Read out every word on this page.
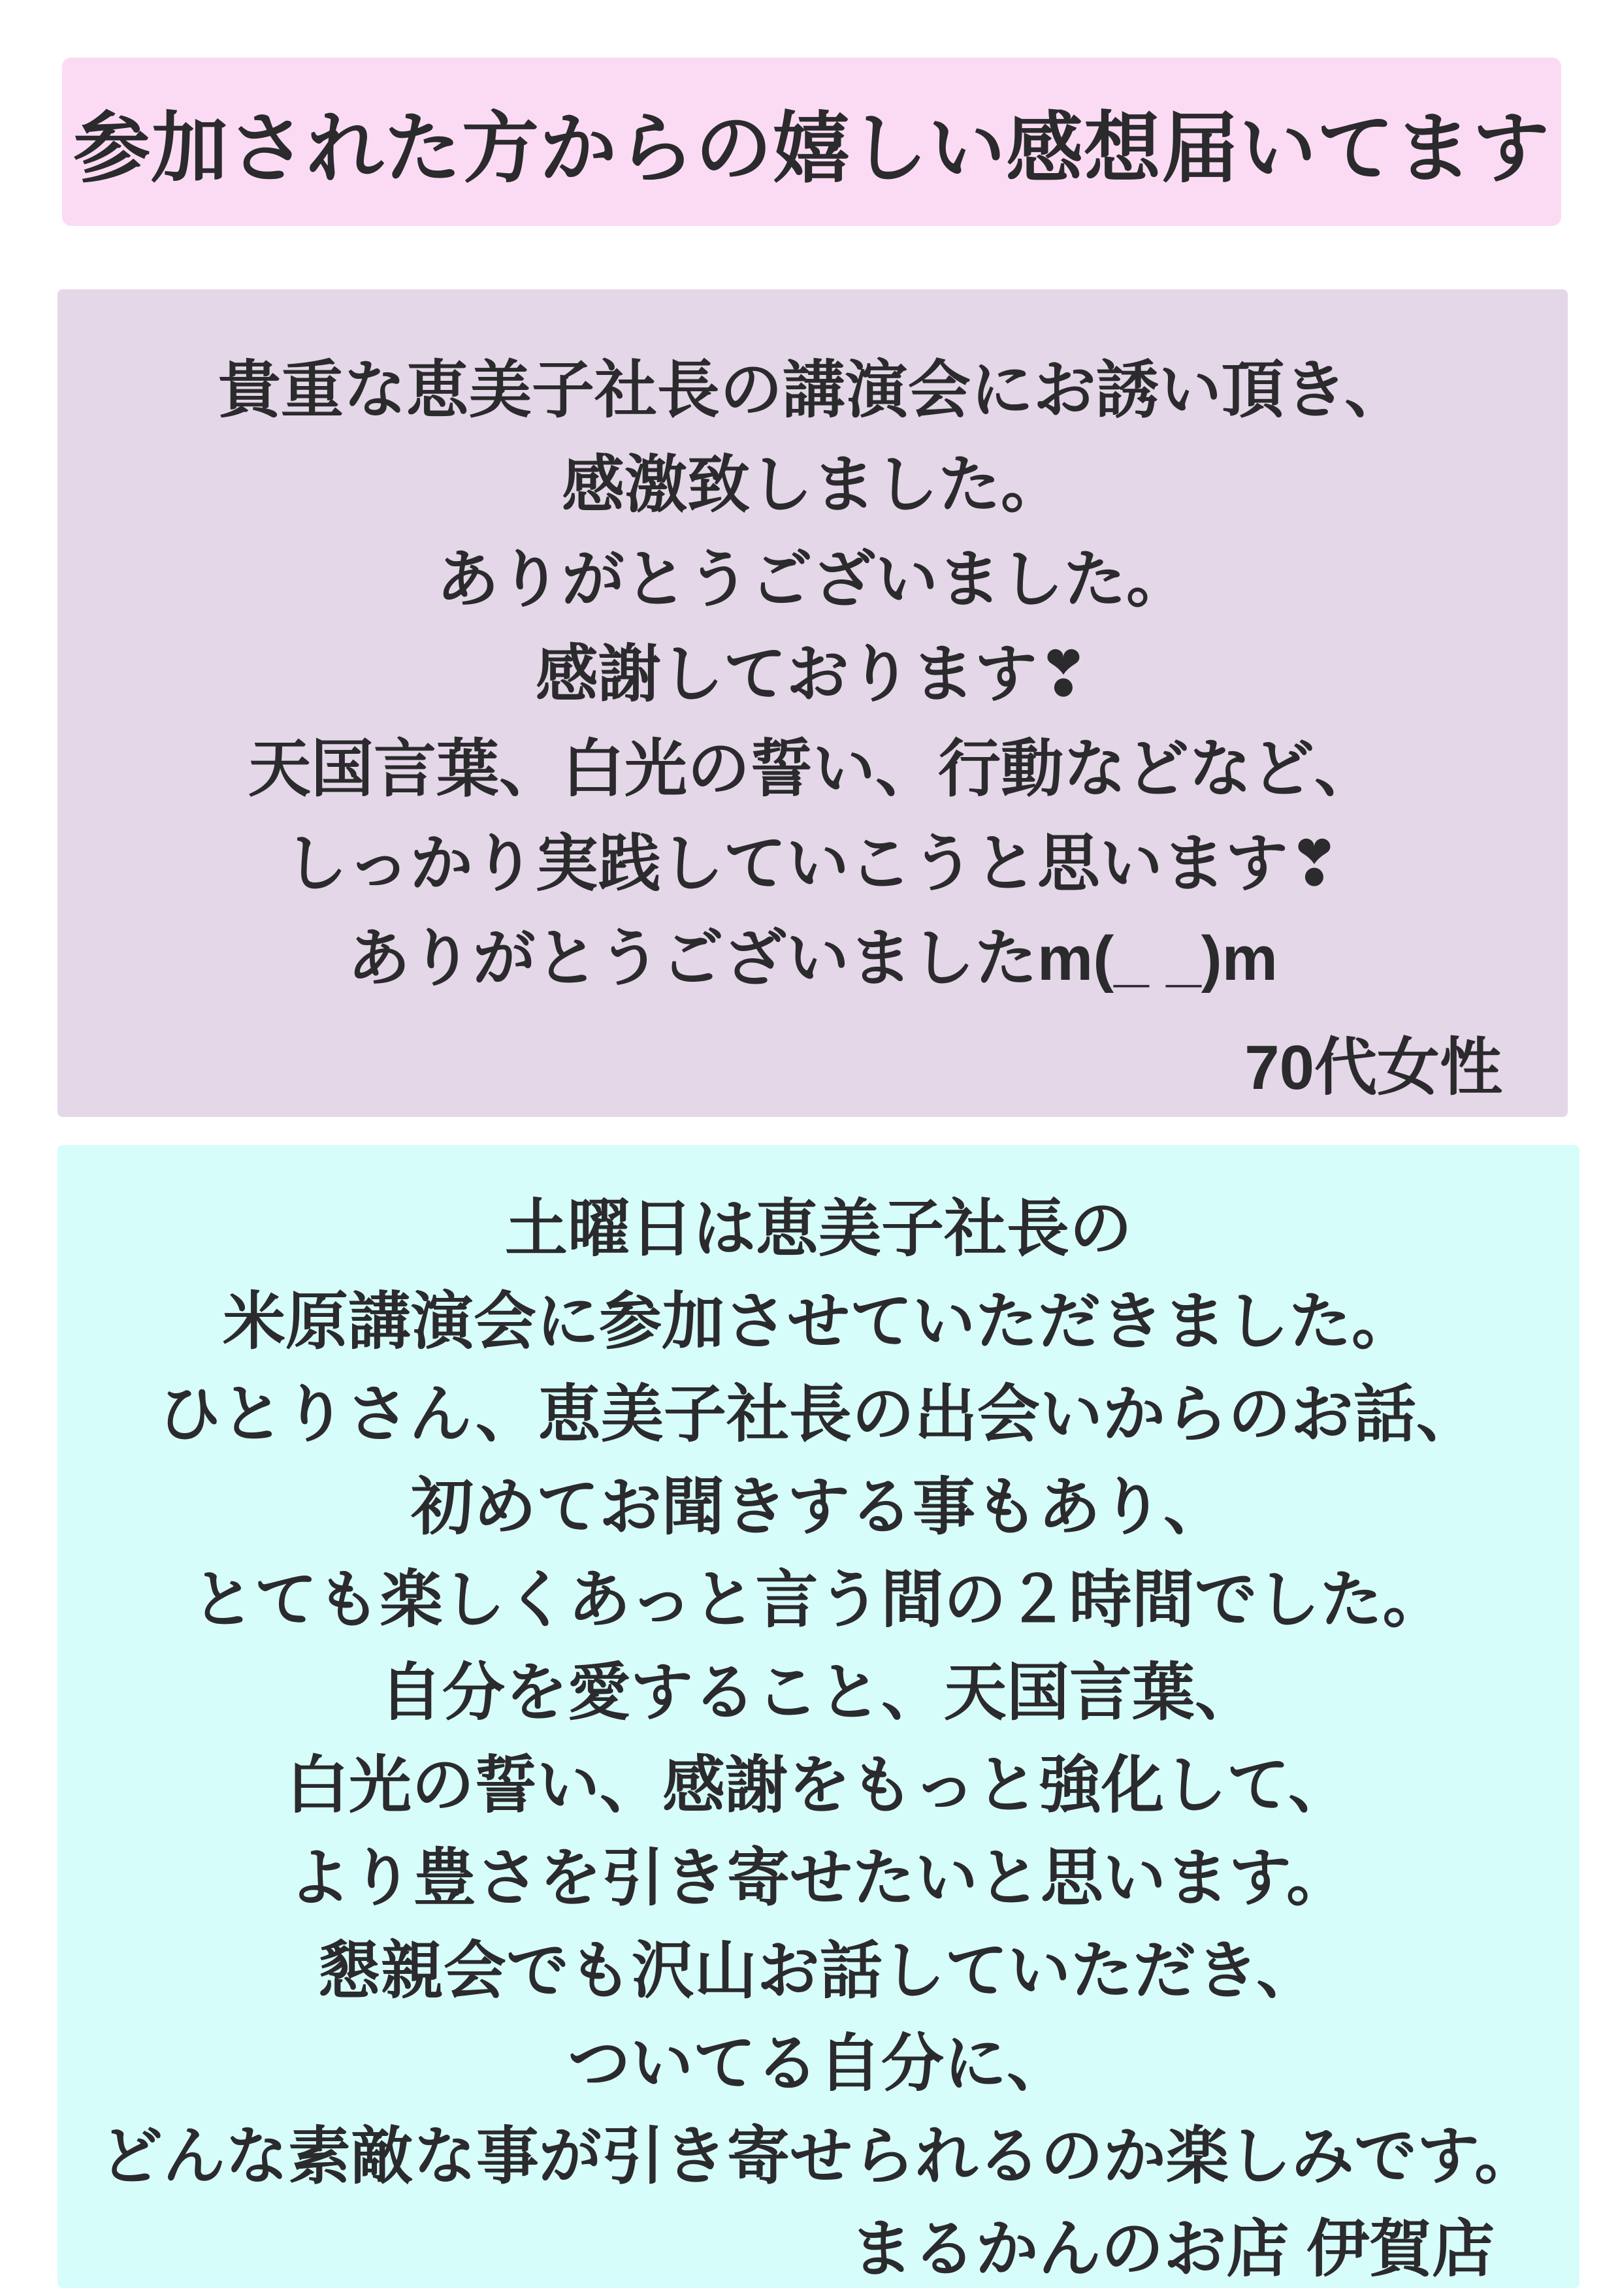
参加された方からの嬉しい感想届いてます
貴重な恵美子社長の講演会にお誘い頂き、
感激致しました。
ありがとうございました。
感謝しております❣
天国言葉、白光の誓い、行動などなど、
しっかり実践していこうと思います❣
ありがとうございましたm(_ _)m
70代女性
土曜日は恵美子社長の
米原講演会に参加させていただきました。
ひとりさん、恵美子社長の出会いからのお話、
初めてお聞きする事もあり、
とても楽しくあっと言う間の２時間でした。
自分を愛すること、天国言葉、
白光の誓い、感謝をもっと強化して、
より豊さを引き寄せたいと思います。
懇親会でも沢山お話していただき、
ついてる自分に、
どんな素敵な事が引き寄せられるのか楽しみです。
まるかんのお店 伊賀店
